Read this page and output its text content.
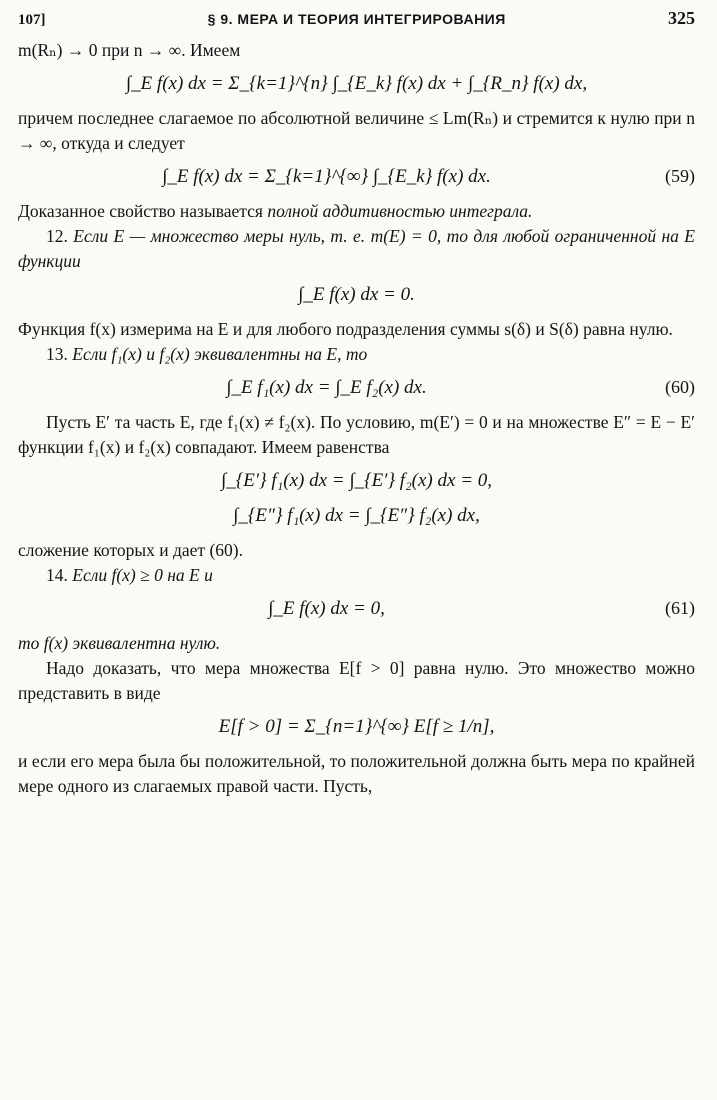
107]	§ 9. МЕРА И ТЕОРИЯ ИНТЕГРИРОВАНИЯ	325

m(Rₙ) → 0 при n → ∞. Имеем

∫_E f(x) dx = Σ_{k=1}^{n} ∫_{E_k} f(x) dx + ∫_{R_n} f(x) dx,

причем последнее слагаемое по абсолютной величине ≤ Lm(Rₙ) и стремится к нулю при n → ∞, откуда и следует

∫_E f(x) dx = Σ_{k=1}^{∞} ∫_{E_k} f(x) dx.	(59)

Доказанное свойство называется полной аддитивностью интеграла.

12. Если E — множество меры нуль, т. е. m(E) = 0, то для любой ограниченной на E функции

∫_E f(x) dx = 0.

Функция f(x) измерима на E и для любого подразделения суммы s(δ) и S(δ) равна нулю.

13. Если f₁(x) и f₂(x) эквивалентны на E, то

∫_E f₁(x) dx = ∫_E f₂(x) dx.	(60)

Пусть E′ та часть E, где f₁(x) ≠ f₂(x). По условию, m(E′) = 0 и на множестве E″ = E − E′ функции f₁(x) и f₂(x) совпадают. Имеем равенства

∫_{E′} f₁(x) dx = ∫_{E′} f₂(x) dx = 0,
∫_{E″} f₁(x) dx = ∫_{E″} f₂(x) dx,

сложение которых и дает (60).

14. Если f(x) ≥ 0 на E и

∫_E f(x) dx = 0,	(61)

то f(x) эквивалентна нулю.

Надо доказать, что мера множества E[f > 0] равна нулю. Это множество можно представить в виде

E[f > 0] = Σ_{n=1}^{∞} E[f ≥ 1/n],

и если его мера была бы положительной, то положительной должна быть мера по крайней мере одного из слагаемых правой части. Пусть,
